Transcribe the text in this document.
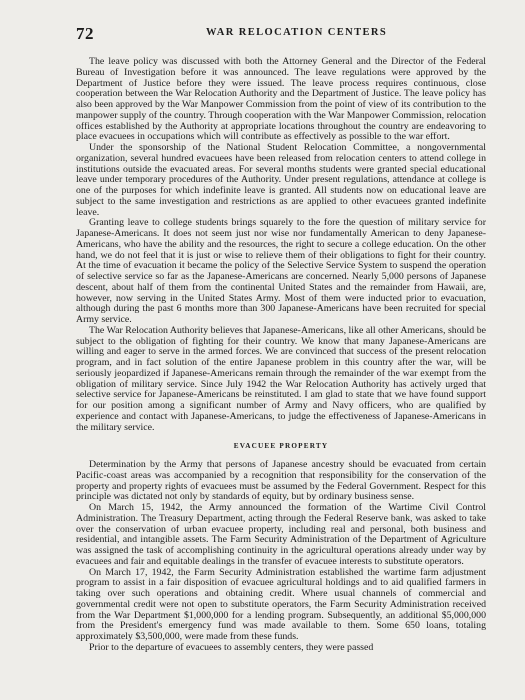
72	WAR RELOCATION CENTERS

The leave policy was discussed with both the Attorney General and the Director of the Federal Bureau of Investigation before it was announced. The leave regulations were approved by the Department of Justice before they were issued. The leave process requires continuous, close cooperation between the War Relocation Authority and the Department of Justice. The leave policy has also been approved by the War Manpower Commission from the point of view of its contribution to the manpower supply of the country. Through cooperation with the War Manpower Commission, relocation offices established by the Authority at appropriate locations throughout the country are endeavoring to place evacuees in occupations which will contribute as effectively as possible to the war effort.

Under the sponsorship of the National Student Relocation Committee, a nongovernmental organization, several hundred evacuees have been released from relocation centers to attend college in institutions outside the evacuated areas. For several months students were granted special educational leave under temporary procedures of the Authority. Under present regulations, attendance at college is one of the purposes for which indefinite leave is granted. All students now on educational leave are subject to the same investigation and restrictions as are applied to other evacuees granted indefinite leave.

Granting leave to college students brings squarely to the fore the question of military service for Japanese-Americans. It does not seem just nor wise nor fundamentally American to deny Japanese-Americans, who have the ability and the resources, the right to secure a college education. On the other hand, we do not feel that it is just or wise to relieve them of their obligations to fight for their country. At the time of evacuation it became the policy of the Selective Service System to suspend the operation of selective service so far as the Japanese-Americans are concerned. Nearly 5,000 persons of Japanese descent, about half of them from the continental United States and the remainder from Hawaii, are, however, now serving in the United States Army. Most of them were inducted prior to evacuation, although during the past 6 months more than 300 Japanese-Americans have been recruited for special Army service.

The War Relocation Authority believes that Japanese-Americans, like all other Americans, should be subject to the obligation of fighting for their country. We know that many Japanese-Americans are willing and eager to serve in the armed forces. We are convinced that success of the present relocation program, and in fact solution of the entire Japanese problem in this country after the war, will be seriously jeopardized if Japanese-Americans remain through the remainder of the war exempt from the obligation of military service. Since July 1942 the War Relocation Authority has actively urged that selective service for Japanese-Americans be reinstituted. I am glad to state that we have found support for our position among a significant number of Army and Navy officers, who are qualified by experience and contact with Japanese-Americans, to judge the effectiveness of Japanese-Americans in the military service.

EVACUEE PROPERTY

Determination by the Army that persons of Japanese ancestry should be evacuated from certain Pacific-coast areas was accompanied by a recognition that responsibility for the conservation of the property and property rights of evacuees must be assumed by the Federal Government. Respect for this principle was dictated not only by standards of equity, but by ordinary business sense.

On March 15, 1942, the Army announced the formation of the Wartime Civil Control Administration. The Treasury Department, acting through the Federal Reserve bank, was asked to take over the conservation of urban evacuee property, including real and personal, both business and residential, and intangible assets. The Farm Security Administration of the Department of Agriculture was assigned the task of accomplishing continuity in the agricultural operations already under way by evacuees and fair and equitable dealings in the transfer of evacuee interests to substitute operators.

On March 17, 1942, the Farm Security Administration established the wartime farm adjustment program to assist in a fair disposition of evacuee agricultural holdings and to aid qualified farmers in taking over such operations and obtaining credit. Where usual channels of commercial and governmental credit were not open to substitute operators, the Farm Security Administration received from the War Department $1,000,000 for a lending program. Subsequently, an additional $5,000,000 from the President's emergency fund was made available to them. Some 650 loans, totaling approximately $3,500,000, were made from these funds.

Prior to the departure of evacuees to assembly centers, they were passed
